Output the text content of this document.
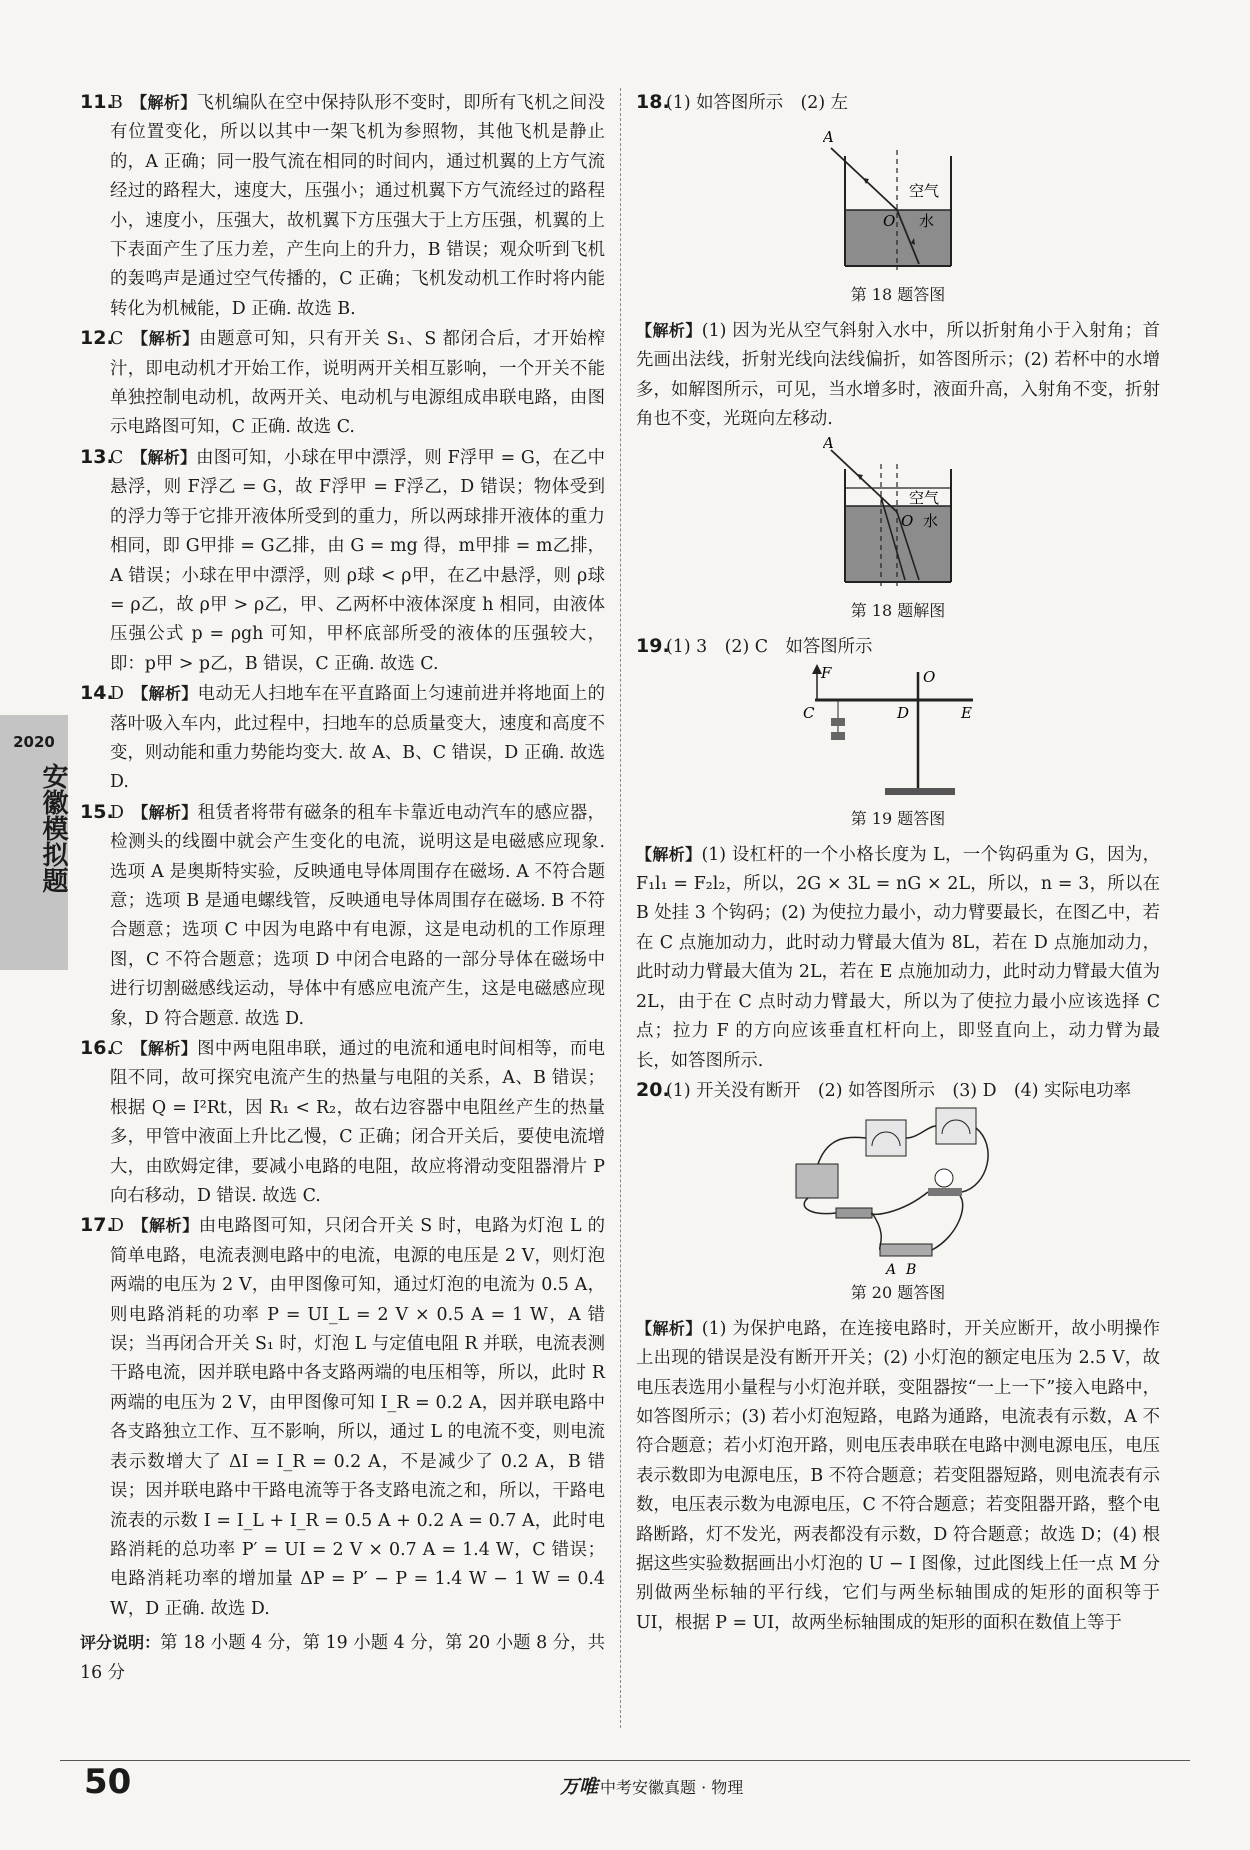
2020
安徽模拟题

11.B 【解析】飞机编队在空中保持队形不变时，即所有飞机之间没有位置变化，所以以其中一架飞机为参照物，其他飞机是静止的，A 正确；同一股气流在相同的时间内，通过机翼的上方气流经过的路程大，速度大，压强小；通过机翼下方气流经过的路程小，速度小，压强大，故机翼下方压强大于上方压强，机翼的上下表面产生了压力差，产生向上的升力，B 错误；观众听到飞机的轰鸣声是通过空气传播的，C 正确；飞机发动机工作时将内能转化为机械能，D 正确. 故选 B.

12.C 【解析】由题意可知，只有开关 S₁、S 都闭合后，才开始榨汁，即电动机才开始工作，说明两开关相互影响，一个开关不能单独控制电动机，故两开关、电动机与电源组成串联电路，由图示电路图可知，C 正确. 故选 C.

13.C 【解析】由图可知，小球在甲中漂浮，则 F浮甲 = G，在乙中悬浮，则 F浮乙 = G，故 F浮甲 = F浮乙，D 错误；物体受到的浮力等于它排开液体所受到的重力，所以两球排开液体的重力相同，即 G甲排 = G乙排，由 G = mg 得，m甲排 = m乙排，A 错误；小球在甲中漂浮，则 ρ球 < ρ甲，在乙中悬浮，则 ρ球 = ρ乙，故 ρ甲 > ρ乙，甲、乙两杯中液体深度 h 相同，由液体压强公式 p = ρgh 可知，甲杯底部所受的液体的压强较大，即：p甲 > p乙，B 错误，C 正确. 故选 C.

14.D 【解析】电动无人扫地车在平直路面上匀速前进并将地面上的落叶吸入车内，此过程中，扫地车的总质量变大，速度和高度不变，则动能和重力势能均变大. 故 A、B、C 错误，D 正确. 故选 D.

15.D 【解析】租赁者将带有磁条的租车卡靠近电动汽车的感应器，检测头的线圈中就会产生变化的电流，说明这是电磁感应现象. 选项 A 是奥斯特实验，反映通电导体周围存在磁场. A 不符合题意；选项 B 是通电螺线管，反映通电导体周围存在磁场. B 不符合题意；选项 C 中因为电路中有电源，这是电动机的工作原理图，C 不符合题意；选项 D 中闭合电路的一部分导体在磁场中进行切割磁感线运动，导体中有感应电流产生，这是电磁感应现象，D 符合题意. 故选 D.

16.C 【解析】图中两电阻串联，通过的电流和通电时间相等，而电阻不同，故可探究电流产生的热量与电阻的关系，A、B 错误；根据 Q = I²Rt，因 R₁ < R₂，故右边容器中电阻丝产生的热量多，甲管中液面上升比乙慢，C 正确；闭合开关后，要使电流增大，由欧姆定律，要减小电路的电阻，故应将滑动变阻器滑片 P 向右移动，D 错误. 故选 C.

17.D 【解析】由电路图可知，只闭合开关 S 时，电路为灯泡 L 的简单电路，电流表测电路中的电流，电源的电压是 2 V，则灯泡两端的电压为 2 V，由甲图像可知，通过灯泡的电流为 0.5 A，则电路消耗的功率 P = UI_L = 2 V × 0.5 A = 1 W，A 错误；当再闭合开关 S₁ 时，灯泡 L 与定值电阻 R 并联，电流表测干路电流，因并联电路中各支路两端的电压相等，所以，此时 R 两端的电压为 2 V，由甲图像可知 I_R = 0.2 A，因并联电路中各支路独立工作、互不影响，所以，通过 L 的电流不变，则电流表示数增大了 ΔI = I_R = 0.2 A，不是减少了 0.2 A，B 错误；因并联电路中干路电流等于各支路电流之和，所以，干路电流表的示数 I = I_L + I_R = 0.5 A + 0.2 A = 0.7 A，此时电路消耗的总功率 P′ = UI = 2 V × 0.7 A = 1.4 W，C 错误；电路消耗功率的增加量 ΔP = P′ − P = 1.4 W − 1 W = 0.4 W，D 正确. 故选 D.

评分说明：第 18 小题 4 分，第 19 小题 4 分，第 20 小题 8 分，共 16 分

18.(1) 如答图所示　(2) 左

A
空气
O 水

第 18 题答图

【解析】(1) 因为光从空气斜射入水中，所以折射角小于入射角；首先画出法线，折射光线向法线偏折，如答图所示；(2) 若杯中的水增多，如解图所示，可见，当水增多时，液面升高，入射角不变，折射角也不变，光斑向左移动.

A
空气
O 水

第 18 题解图

19.(1) 3　(2) C　如答图所示

F	O
C	D	E

第 19 题答图

【解析】(1) 设杠杆的一个小格长度为 L，一个钩码重为 G，因为，F₁l₁ = F₂l₂，所以，2G × 3L = nG × 2L，所以，n = 3，所以在 B 处挂 3 个钩码；(2) 为使拉力最小，动力臂要最长，在图乙中，若在 C 点施加动力，此时动力臂最大值为 8L，若在 D 点施加动力，此时动力臂最大值为 2L，若在 E 点施加动力，此时动力臂最大值为 2L，由于在 C 点时动力臂最大，所以为了使拉力最小应该选择 C 点；拉力 F 的方向应该垂直杠杆向上，即竖直向上，动力臂为最长，如答图所示.

20.(1) 开关没有断开　(2) 如答图所示　(3) D　(4) 实际电功率

A B

第 20 题答图

【解析】(1) 为保护电路，在连接电路时，开关应断开，故小明操作上出现的错误是没有断开开关；(2) 小灯泡的额定电压为 2.5 V，故电压表选用小量程与小灯泡并联，变阻器按“一上一下”接入电路中，如答图所示；(3) 若小灯泡短路，电路为通路，电流表有示数，A 不符合题意；若小灯泡开路，则电压表串联在电路中测电源电压，电压表示数即为电源电压，B 不符合题意；若变阻器短路，则电流表有示数，电压表示数为电源电压，C 不符合题意；若变阻器开路，整个电路断路，灯不发光，两表都没有示数，D 符合题意；故选 D；(4) 根据这些实验数据画出小灯泡的 U − I 图像，过此图线上任一点 M 分别做两坐标轴的平行线，它们与两坐标轴围成的矩形的面积等于 UI，根据 P = UI，故两坐标轴围成的矩形的面积在数值上等于

50	万唯 中考安徽真题 · 物理
